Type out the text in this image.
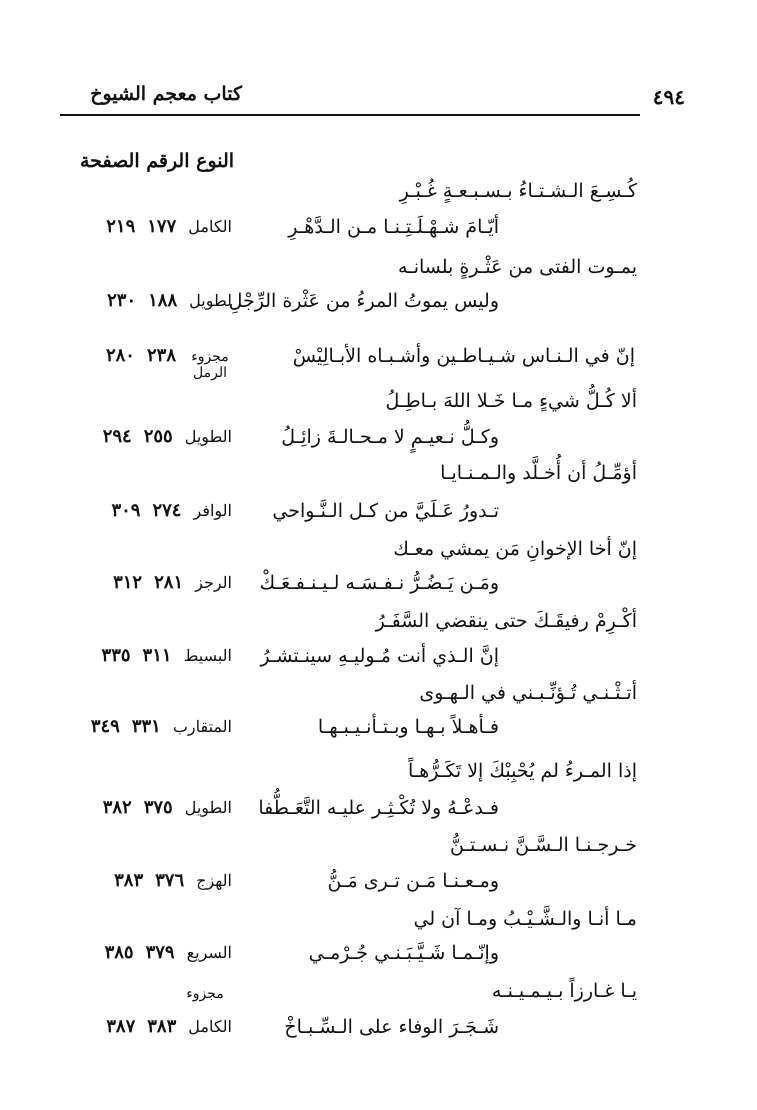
كتاب معجم الشيوخ	٤٩٤
النوع الرقم الصفحة
كُـسِـعَ الـشـتـاءُ بـسـبـعـةٍ غُـبْـرِ
أيّـامَ شـهْـلَـتِـنـا مـن الـدَّهْـرِ
الكامل
١٧٧
٢١٩
يمـوت الفتى من عَثْـرةٍ بلسانـه
وليس يموتُ المرءُ من عَثْرة الرِّجْلِ
لطويل
١٨٨
٢٣٠
إنّ في الـنـاس شـيـاطـين وأشـبـاه الأبـالِيْسْ
مجزوء الرمل
٢٣٨
٢٨٠
ألا كُـلُّ شيءٍ مـا خَـلا اللهَ بـاطِـلُ
وكـلُّ نـعيـمٍ لا مـحـالـةَ زائِـلُ
الطويل
٢٥٥
٢٩٤
أؤمِّـلُ أن أُخـلَّد والـمـنـايـا
تـدورُ عَـلَيَّ من كـل الـنَّـواحي
الوافر
٢٧٤
٣٠٩
إنّ أخا الإخوانِ مَن يمشي معـك
ومَـن يَـضُـرُّ نـفـسَـه لـيـنـفـعَـكْ
الرجز
٢٨١
٣١٢
أكْـرِمْ رفيقَـكَ حتى ينقضي السَّفَـرُ
إنَّ الـذي أنت مُـوليـهِ سينـتشـرُ
البسيط
٣١١
٣٣٥
أتـثْـنـي تُـؤنِّـبـني في الـهـوى
فـأهـلاً بـهـا وبـتـأنـيـبـهـا
المتقارب
٣٣١
٣٤٩
إذا المـرءُ لم يُحْبِبْكَ إلا تَكَـرُّهـاً
فـدعْـهُ ولا تُكْـثِـر عليـه التَّعَـطُّفا
الطويل
٣٧٥
٣٨٢
خـرجـنـا الـسَّـنَّ نـسـتـنُّ
ومـعـنـا مَـن تـرى مَـنُّ
الهزج
٣٧٦
٣٨٣
مـا أنـا والـشَّـيْـبُ ومـا آن لي
وإنّـمـا شَـيَّـبَـنـي جُـرْمـي
السريع
٣٧٩
٣٨٥
يـا غـارزاً بـيـمـيـنـه
مجزوء
شَـجَـرَ الوفاء على الـسِّـبـاخْ
الكامل
٣٨٣
٣٨٧
